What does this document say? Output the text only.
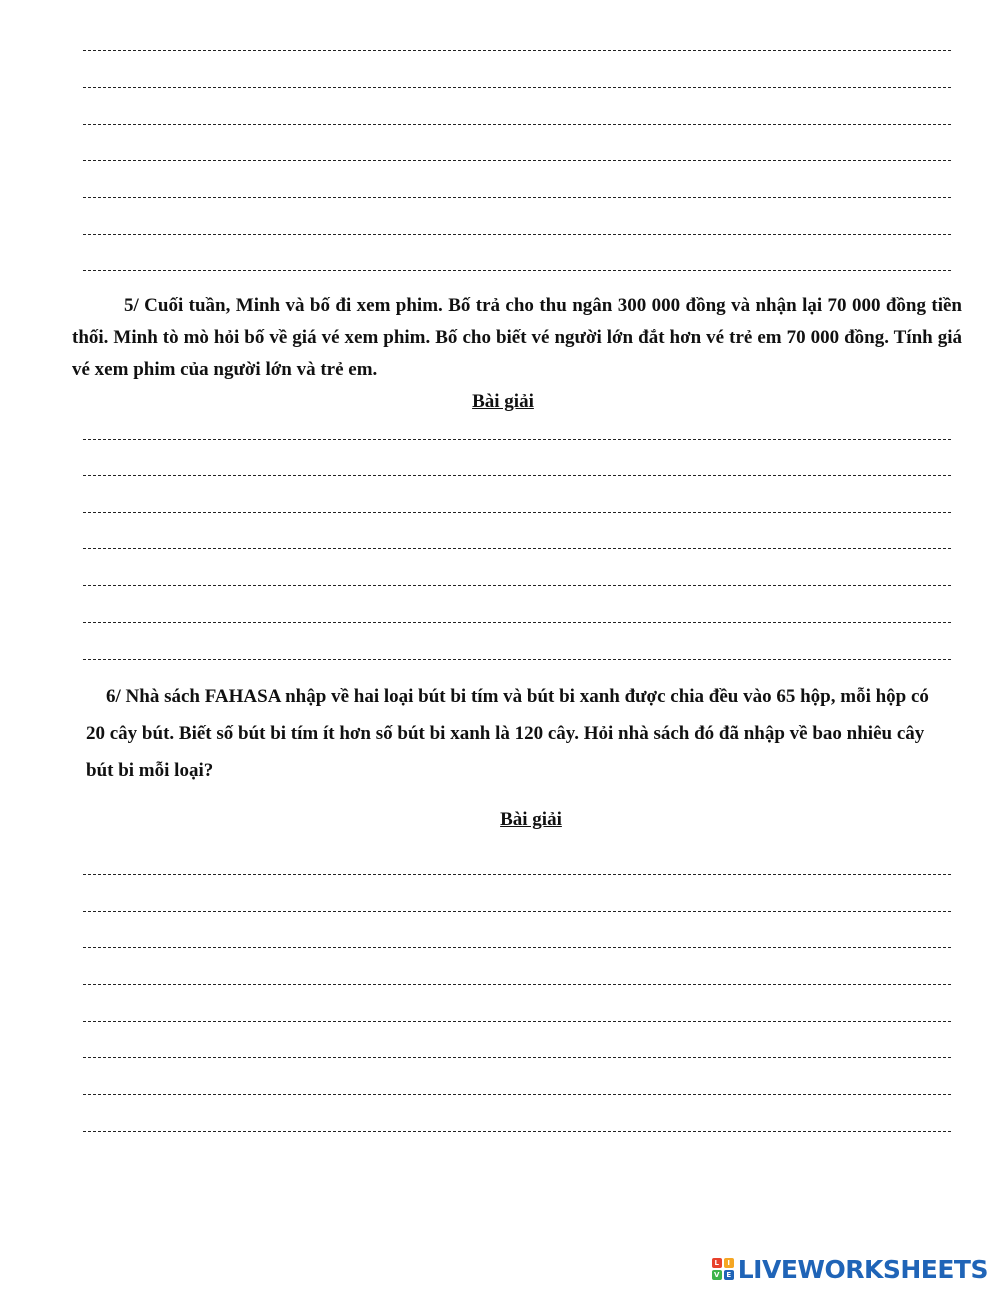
5/ Cuối tuần, Minh và bố đi xem phim. Bố trả cho thu ngân 300 000 đồng và nhận lại 70 000 đồng tiền thối. Minh tò mò hỏi bố về giá vé xem phim. Bố cho biết vé người lớn đắt hơn vé trẻ em 70 000 đồng. Tính giá vé xem phim của người lớn và trẻ em.

Bài giải

6/ Nhà sách FAHASA nhập về hai loại bút bi tím và bút bi xanh được chia đều vào 65 hộp, mỗi hộp có 20 cây bút. Biết số bút bi tím ít hơn số bút bi xanh là 120 cây. Hỏi nhà sách đó đã nhập về bao nhiêu cây bút bi mỗi loại?

Bài giải

L	I
V E LIVEWORKSHEETS
